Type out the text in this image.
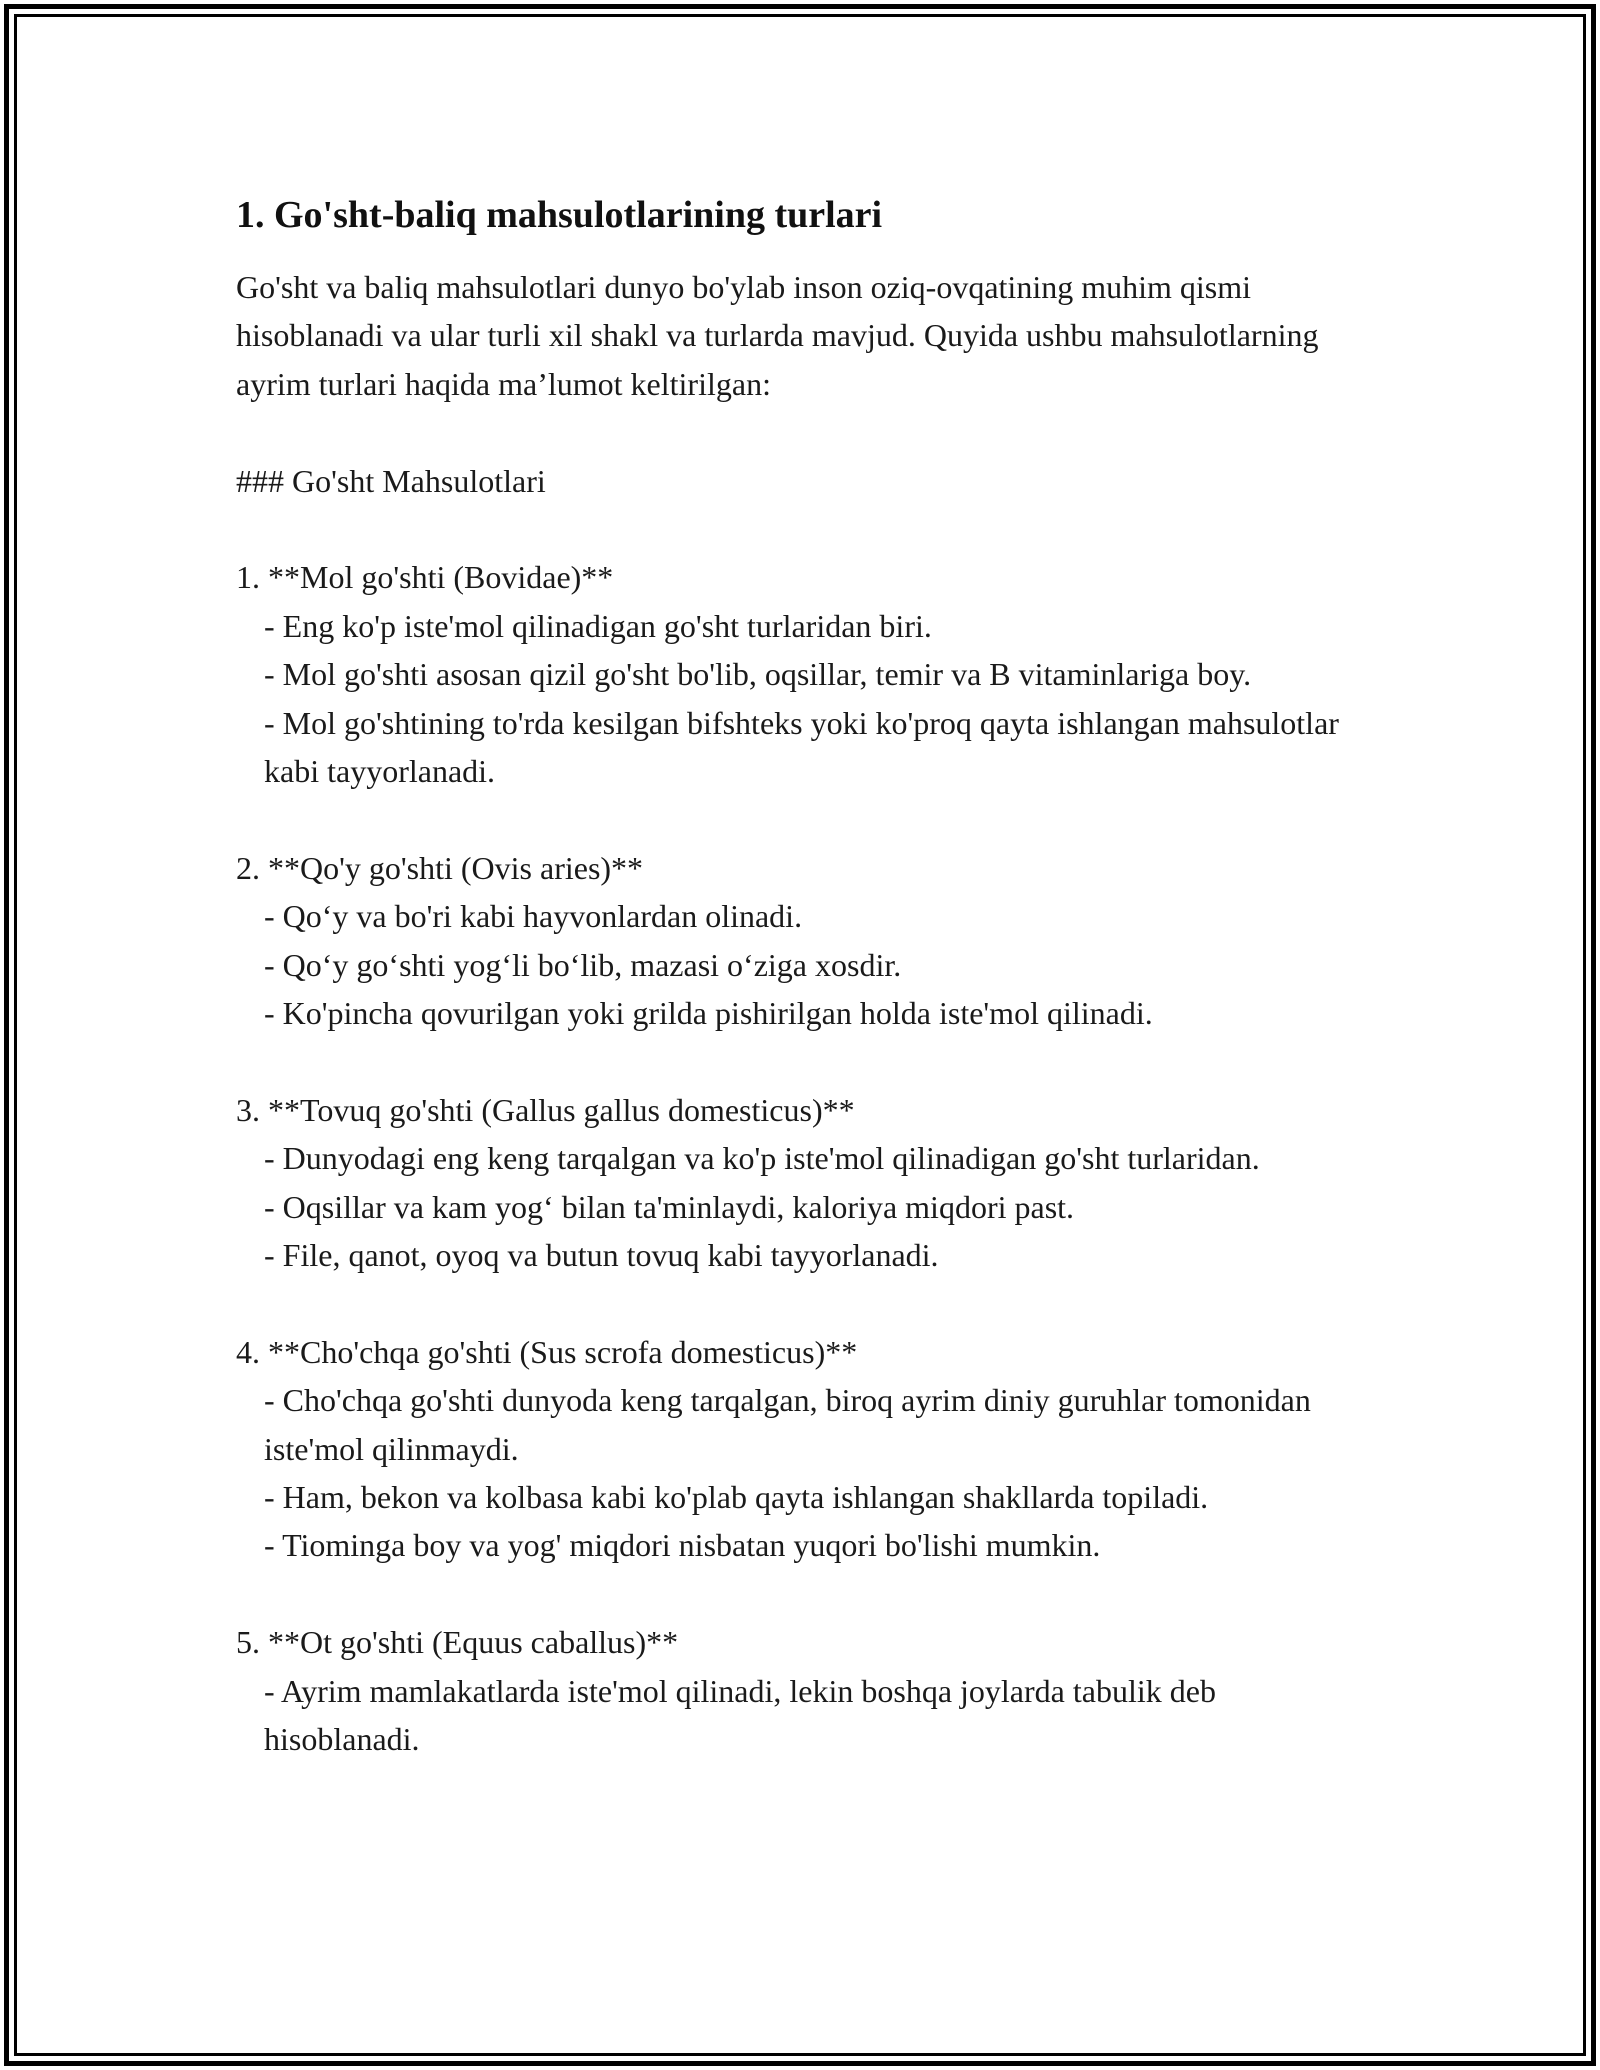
1. Go'sht-baliq mahsulotlarining turlari

Go'sht va baliq mahsulotlari dunyo bo'ylab inson oziq-ovqatining muhim qismi hisoblanadi va ular turli xil shakl va turlarda mavjud. Quyida ushbu mahsulotlarning ayrim turlari haqida ma’lumot keltirilgan:

### Go'sht Mahsulotlari

1. **Mol go'shti (Bovidae)**

- Eng ko'p iste'mol qilinadigan go'sht turlaridan biri.

- Mol go'shti asosan qizil go'sht bo'lib, oqsillar, temir va B vitaminlariga boy.

- Mol go'shtining to'rda kesilgan bifshteks yoki ko'proq qayta ishlangan mahsulotlar kabi tayyorlanadi.

2. **Qo'y go'shti (Ovis aries)**

- Qo‘y va bo'ri kabi hayvonlardan olinadi.

- Qo‘y go‘shti yog‘li bo‘lib, mazasi o‘ziga xosdir.

- Ko'pincha qovurilgan yoki grilda pishirilgan holda iste'mol qilinadi.

3. **Tovuq go'shti (Gallus gallus domesticus)**

- Dunyodagi eng keng tarqalgan va ko'p iste'mol qilinadigan go'sht turlaridan.

- Oqsillar va kam yog‘ bilan ta'minlaydi, kaloriya miqdori past.

- File, qanot, oyoq va butun tovuq kabi tayyorlanadi.

4. **Cho'chqa go'shti (Sus scrofa domesticus)**

- Cho'chqa go'shti dunyoda keng tarqalgan, biroq ayrim diniy guruhlar tomonidan iste'mol qilinmaydi.

- Ham, bekon va kolbasa kabi ko'plab qayta ishlangan shakllarda topiladi.

- Tiominga boy va yog' miqdori nisbatan yuqori bo'lishi mumkin.

5. **Ot go'shti (Equus caballus)**

- Ayrim mamlakatlarda iste'mol qilinadi, lekin boshqa joylarda tabulik deb hisoblanadi.
